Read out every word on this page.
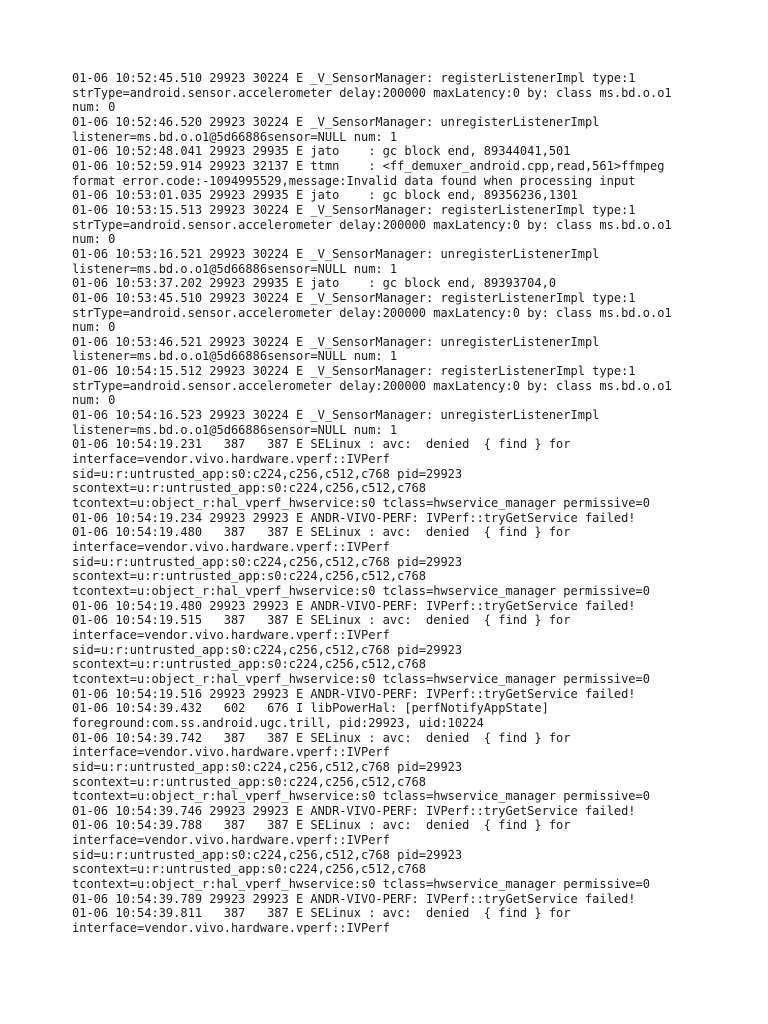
01-06 10:52:45.510 29923 30224 E _V_SensorManager: registerListenerImpl type:1
strType=android.sensor.accelerometer delay:200000 maxLatency:0 by: class ms.bd.o.o1
num: 0
01-06 10:52:46.520 29923 30224 E _V_SensorManager: unregisterListenerImpl
listener=ms.bd.o.o1@5d66886sensor=NULL num: 1
01-06 10:52:48.041 29923 29935 E jato    : gc block end, 89344041,501
01-06 10:52:59.914 29923 32137 E ttmn    : <ff_demuxer_android.cpp,read,561>ffmpeg
format error.code:-1094995529,message:Invalid data found when processing input
01-06 10:53:01.035 29923 29935 E jato    : gc block end, 89356236,1301
01-06 10:53:15.513 29923 30224 E _V_SensorManager: registerListenerImpl type:1
strType=android.sensor.accelerometer delay:200000 maxLatency:0 by: class ms.bd.o.o1
num: 0
01-06 10:53:16.521 29923 30224 E _V_SensorManager: unregisterListenerImpl
listener=ms.bd.o.o1@5d66886sensor=NULL num: 1
01-06 10:53:37.202 29923 29935 E jato    : gc block end, 89393704,0
01-06 10:53:45.510 29923 30224 E _V_SensorManager: registerListenerImpl type:1
strType=android.sensor.accelerometer delay:200000 maxLatency:0 by: class ms.bd.o.o1
num: 0
01-06 10:53:46.521 29923 30224 E _V_SensorManager: unregisterListenerImpl
listener=ms.bd.o.o1@5d66886sensor=NULL num: 1
01-06 10:54:15.512 29923 30224 E _V_SensorManager: registerListenerImpl type:1
strType=android.sensor.accelerometer delay:200000 maxLatency:0 by: class ms.bd.o.o1
num: 0
01-06 10:54:16.523 29923 30224 E _V_SensorManager: unregisterListenerImpl
listener=ms.bd.o.o1@5d66886sensor=NULL num: 1
01-06 10:54:19.231   387   387 E SELinux : avc:  denied  { find } for
interface=vendor.vivo.hardware.vperf::IVPerf
sid=u:r:untrusted_app:s0:c224,c256,c512,c768 pid=29923
scontext=u:r:untrusted_app:s0:c224,c256,c512,c768
tcontext=u:object_r:hal_vperf_hwservice:s0 tclass=hwservice_manager permissive=0
01-06 10:54:19.234 29923 29923 E ANDR-VIVO-PERF: IVPerf::tryGetService failed!
01-06 10:54:19.480   387   387 E SELinux : avc:  denied  { find } for
interface=vendor.vivo.hardware.vperf::IVPerf
sid=u:r:untrusted_app:s0:c224,c256,c512,c768 pid=29923
scontext=u:r:untrusted_app:s0:c224,c256,c512,c768
tcontext=u:object_r:hal_vperf_hwservice:s0 tclass=hwservice_manager permissive=0
01-06 10:54:19.480 29923 29923 E ANDR-VIVO-PERF: IVPerf::tryGetService failed!
01-06 10:54:19.515   387   387 E SELinux : avc:  denied  { find } for
interface=vendor.vivo.hardware.vperf::IVPerf
sid=u:r:untrusted_app:s0:c224,c256,c512,c768 pid=29923
scontext=u:r:untrusted_app:s0:c224,c256,c512,c768
tcontext=u:object_r:hal_vperf_hwservice:s0 tclass=hwservice_manager permissive=0
01-06 10:54:19.516 29923 29923 E ANDR-VIVO-PERF: IVPerf::tryGetService failed!
01-06 10:54:39.432   602   676 I libPowerHal: [perfNotifyAppState]
foreground:com.ss.android.ugc.trill, pid:29923, uid:10224
01-06 10:54:39.742   387   387 E SELinux : avc:  denied  { find } for
interface=vendor.vivo.hardware.vperf::IVPerf
sid=u:r:untrusted_app:s0:c224,c256,c512,c768 pid=29923
scontext=u:r:untrusted_app:s0:c224,c256,c512,c768
tcontext=u:object_r:hal_vperf_hwservice:s0 tclass=hwservice_manager permissive=0
01-06 10:54:39.746 29923 29923 E ANDR-VIVO-PERF: IVPerf::tryGetService failed!
01-06 10:54:39.788   387   387 E SELinux : avc:  denied  { find } for
interface=vendor.vivo.hardware.vperf::IVPerf
sid=u:r:untrusted_app:s0:c224,c256,c512,c768 pid=29923
scontext=u:r:untrusted_app:s0:c224,c256,c512,c768
tcontext=u:object_r:hal_vperf_hwservice:s0 tclass=hwservice_manager permissive=0
01-06 10:54:39.789 29923 29923 E ANDR-VIVO-PERF: IVPerf::tryGetService failed!
01-06 10:54:39.811   387   387 E SELinux : avc:  denied  { find } for
interface=vendor.vivo.hardware.vperf::IVPerf
